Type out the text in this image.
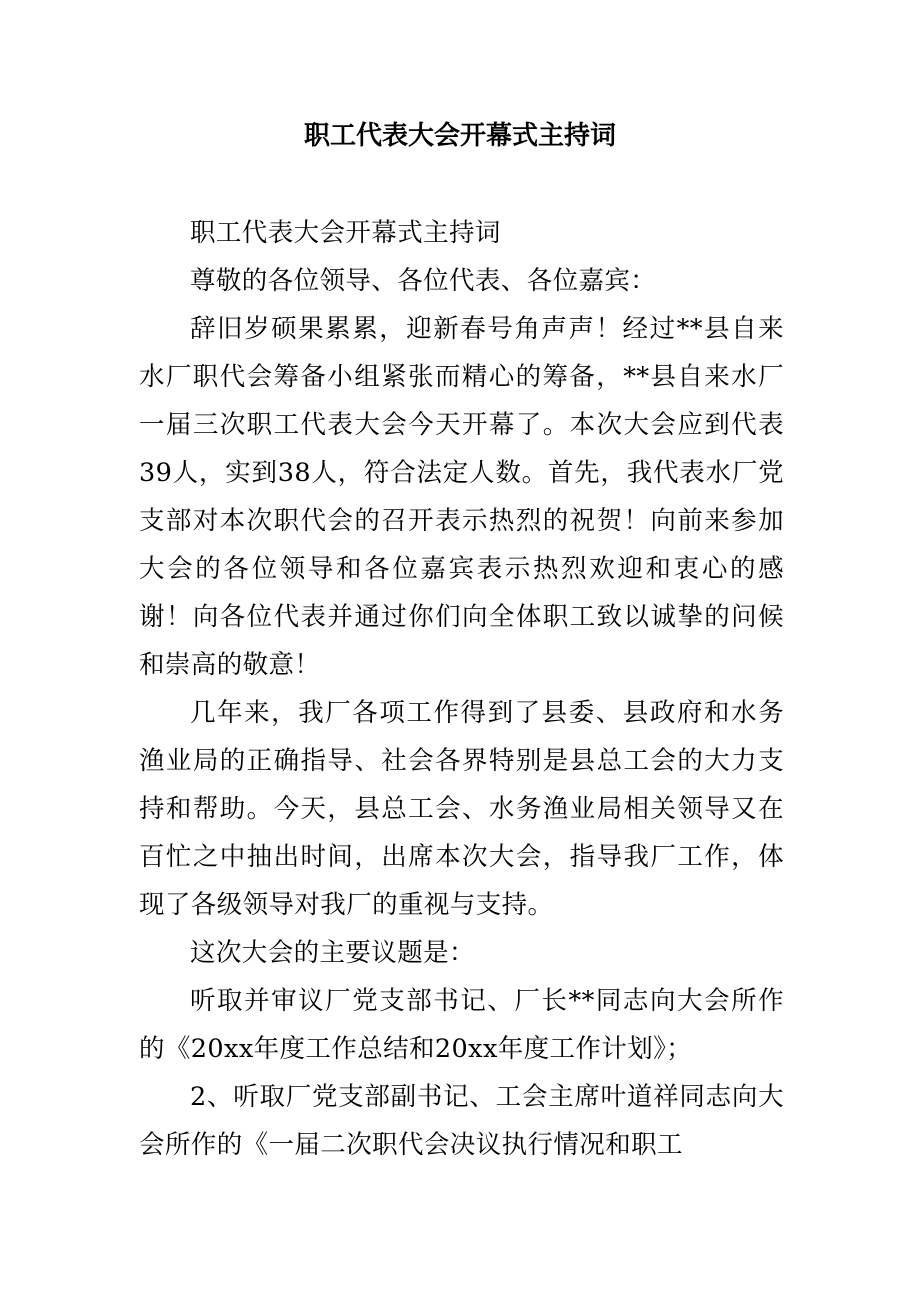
职工代表大会开幕式主持词

职工代表大会开幕式主持词

尊敬的各位领导、各位代表、各位嘉宾：

辞旧岁硕果累累，迎新春号角声声！经过**县自来水厂职代会筹备小组紧张而精心的筹备，**县自来水厂一届三次职工代表大会今天开幕了。本次大会应到代表39人，实到38人，符合法定人数。首先，我代表水厂党支部对本次职代会的召开表示热烈的祝贺！向前来参加大会的各位领导和各位嘉宾表示热烈欢迎和衷心的感谢！向各位代表并通过你们向全体职工致以诚挚的问候和崇高的敬意！

几年来，我厂各项工作得到了县委、县政府和水务渔业局的正确指导、社会各界特别是县总工会的大力支持和帮助。今天，县总工会、水务渔业局相关领导又在百忙之中抽出时间，出席本次大会，指导我厂工作，体现了各级领导对我厂的重视与支持。

这次大会的主要议题是：

听取并审议厂党支部书记、厂长**同志向大会所作的《20xx年度工作总结和20xx年度工作计划》；

2、听取厂党支部副书记、工会主席叶道祥同志向大会所作的《一届二次职代会决议执行情况和职工
